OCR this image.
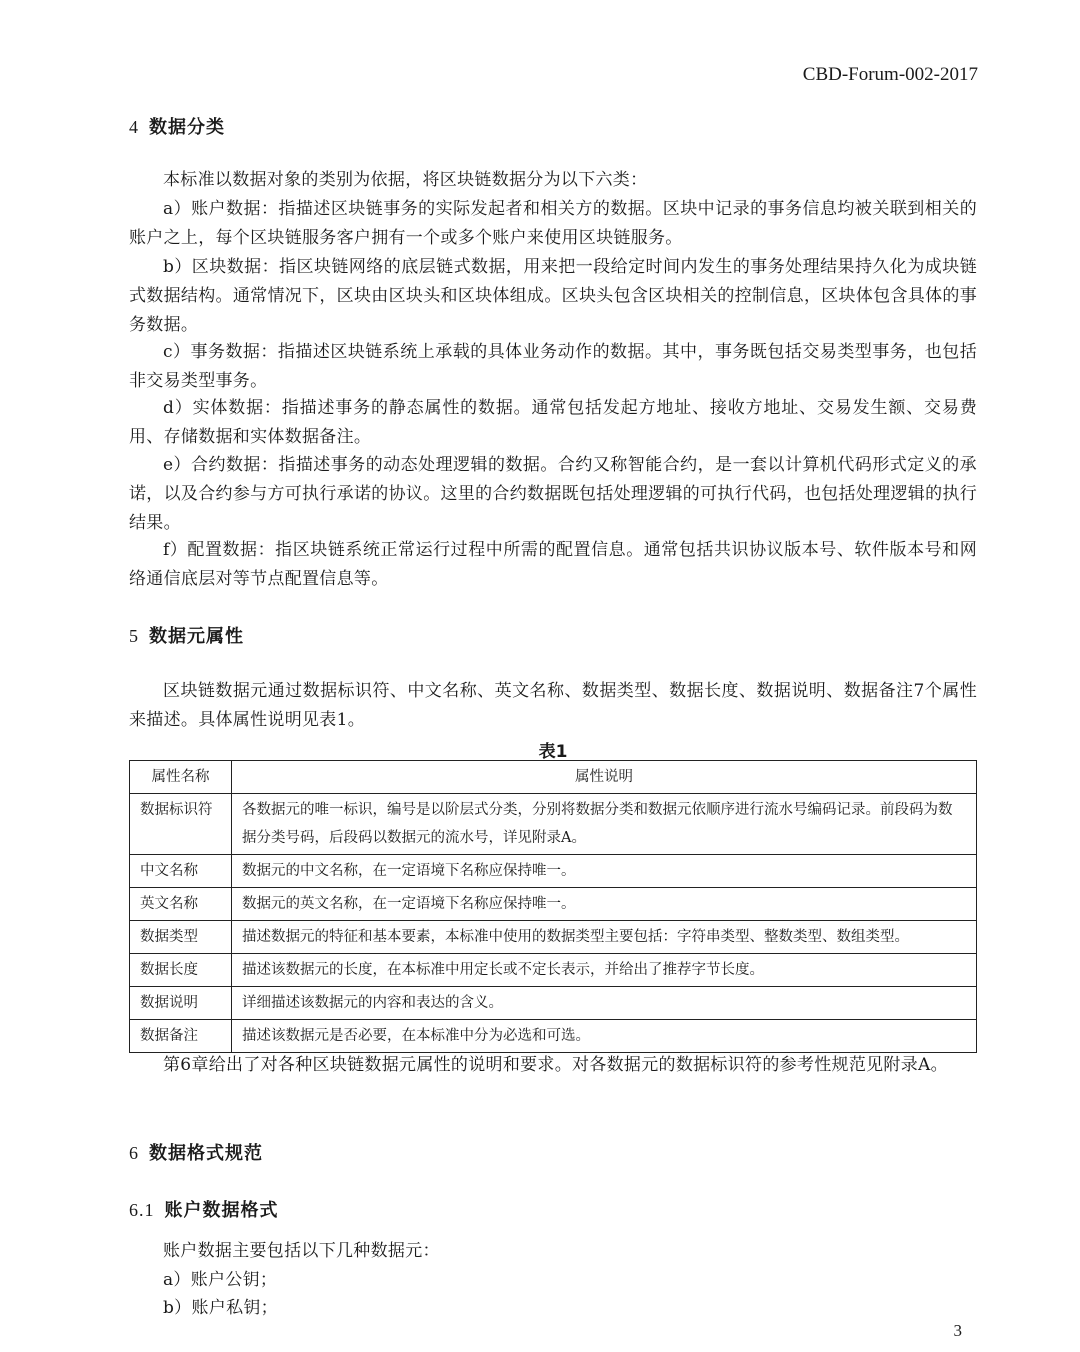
CBD-Forum-002-2017
4 数据分类
本标准以数据对象的类别为依据，将区块链数据分为以下六类：
a）账户数据：指描述区块链事务的实际发起者和相关方的数据。区块中记录的事务信息均被关联到相关的账户之上，每个区块链服务客户拥有一个或多个账户来使用区块链服务。
b）区块数据：指区块链网络的底层链式数据，用来把一段给定时间内发生的事务处理结果持久化为成块链式数据结构。通常情况下，区块由区块头和区块体组成。区块头包含区块相关的控制信息，区块体包含具体的事务数据。
c）事务数据：指描述区块链系统上承载的具体业务动作的数据。其中，事务既包括交易类型事务，也包括非交易类型事务。
d）实体数据：指描述事务的静态属性的数据。通常包括发起方地址、接收方地址、交易发生额、交易费用、存储数据和实体数据备注。
e）合约数据：指描述事务的动态处理逻辑的数据。合约又称智能合约，是一套以计算机代码形式定义的承诺，以及合约参与方可执行承诺的协议。这里的合约数据既包括处理逻辑的可执行代码，也包括处理逻辑的执行结果。
f）配置数据：指区块链系统正常运行过程中所需的配置信息。通常包括共识协议版本号、软件版本号和网络通信底层对等节点配置信息等。
5 数据元属性
区块链数据元通过数据标识符、中文名称、英文名称、数据类型、数据长度、数据说明、数据备注7个属性来描述。具体属性说明见表1。
表1
属性名称	属性说明
数据标识符	各数据元的唯一标识，编号是以阶层式分类，分别将数据分类和数据元依顺序进行流水号编码记录。前段码为数据分类号码，后段码以数据元的流水号，详见附录A。
中文名称	数据元的中文名称，在一定语境下名称应保持唯一。
英文名称	数据元的英文名称，在一定语境下名称应保持唯一。
数据类型	描述数据元的特征和基本要素，本标准中使用的数据类型主要包括：字符串类型、整数类型、数组类型。
数据长度	描述该数据元的长度，在本标准中用定长或不定长表示，并给出了推荐字节长度。
数据说明	详细描述该数据元的内容和表达的含义。
数据备注	描述该数据元是否必要，在本标准中分为必选和可选。
第6章给出了对各种区块链数据元属性的说明和要求。对各数据元的数据标识符的参考性规范见附录A。
6 数据格式规范
6.1 账户数据格式
账户数据主要包括以下几种数据元：
a）账户公钥；
b）账户私钥；
3
